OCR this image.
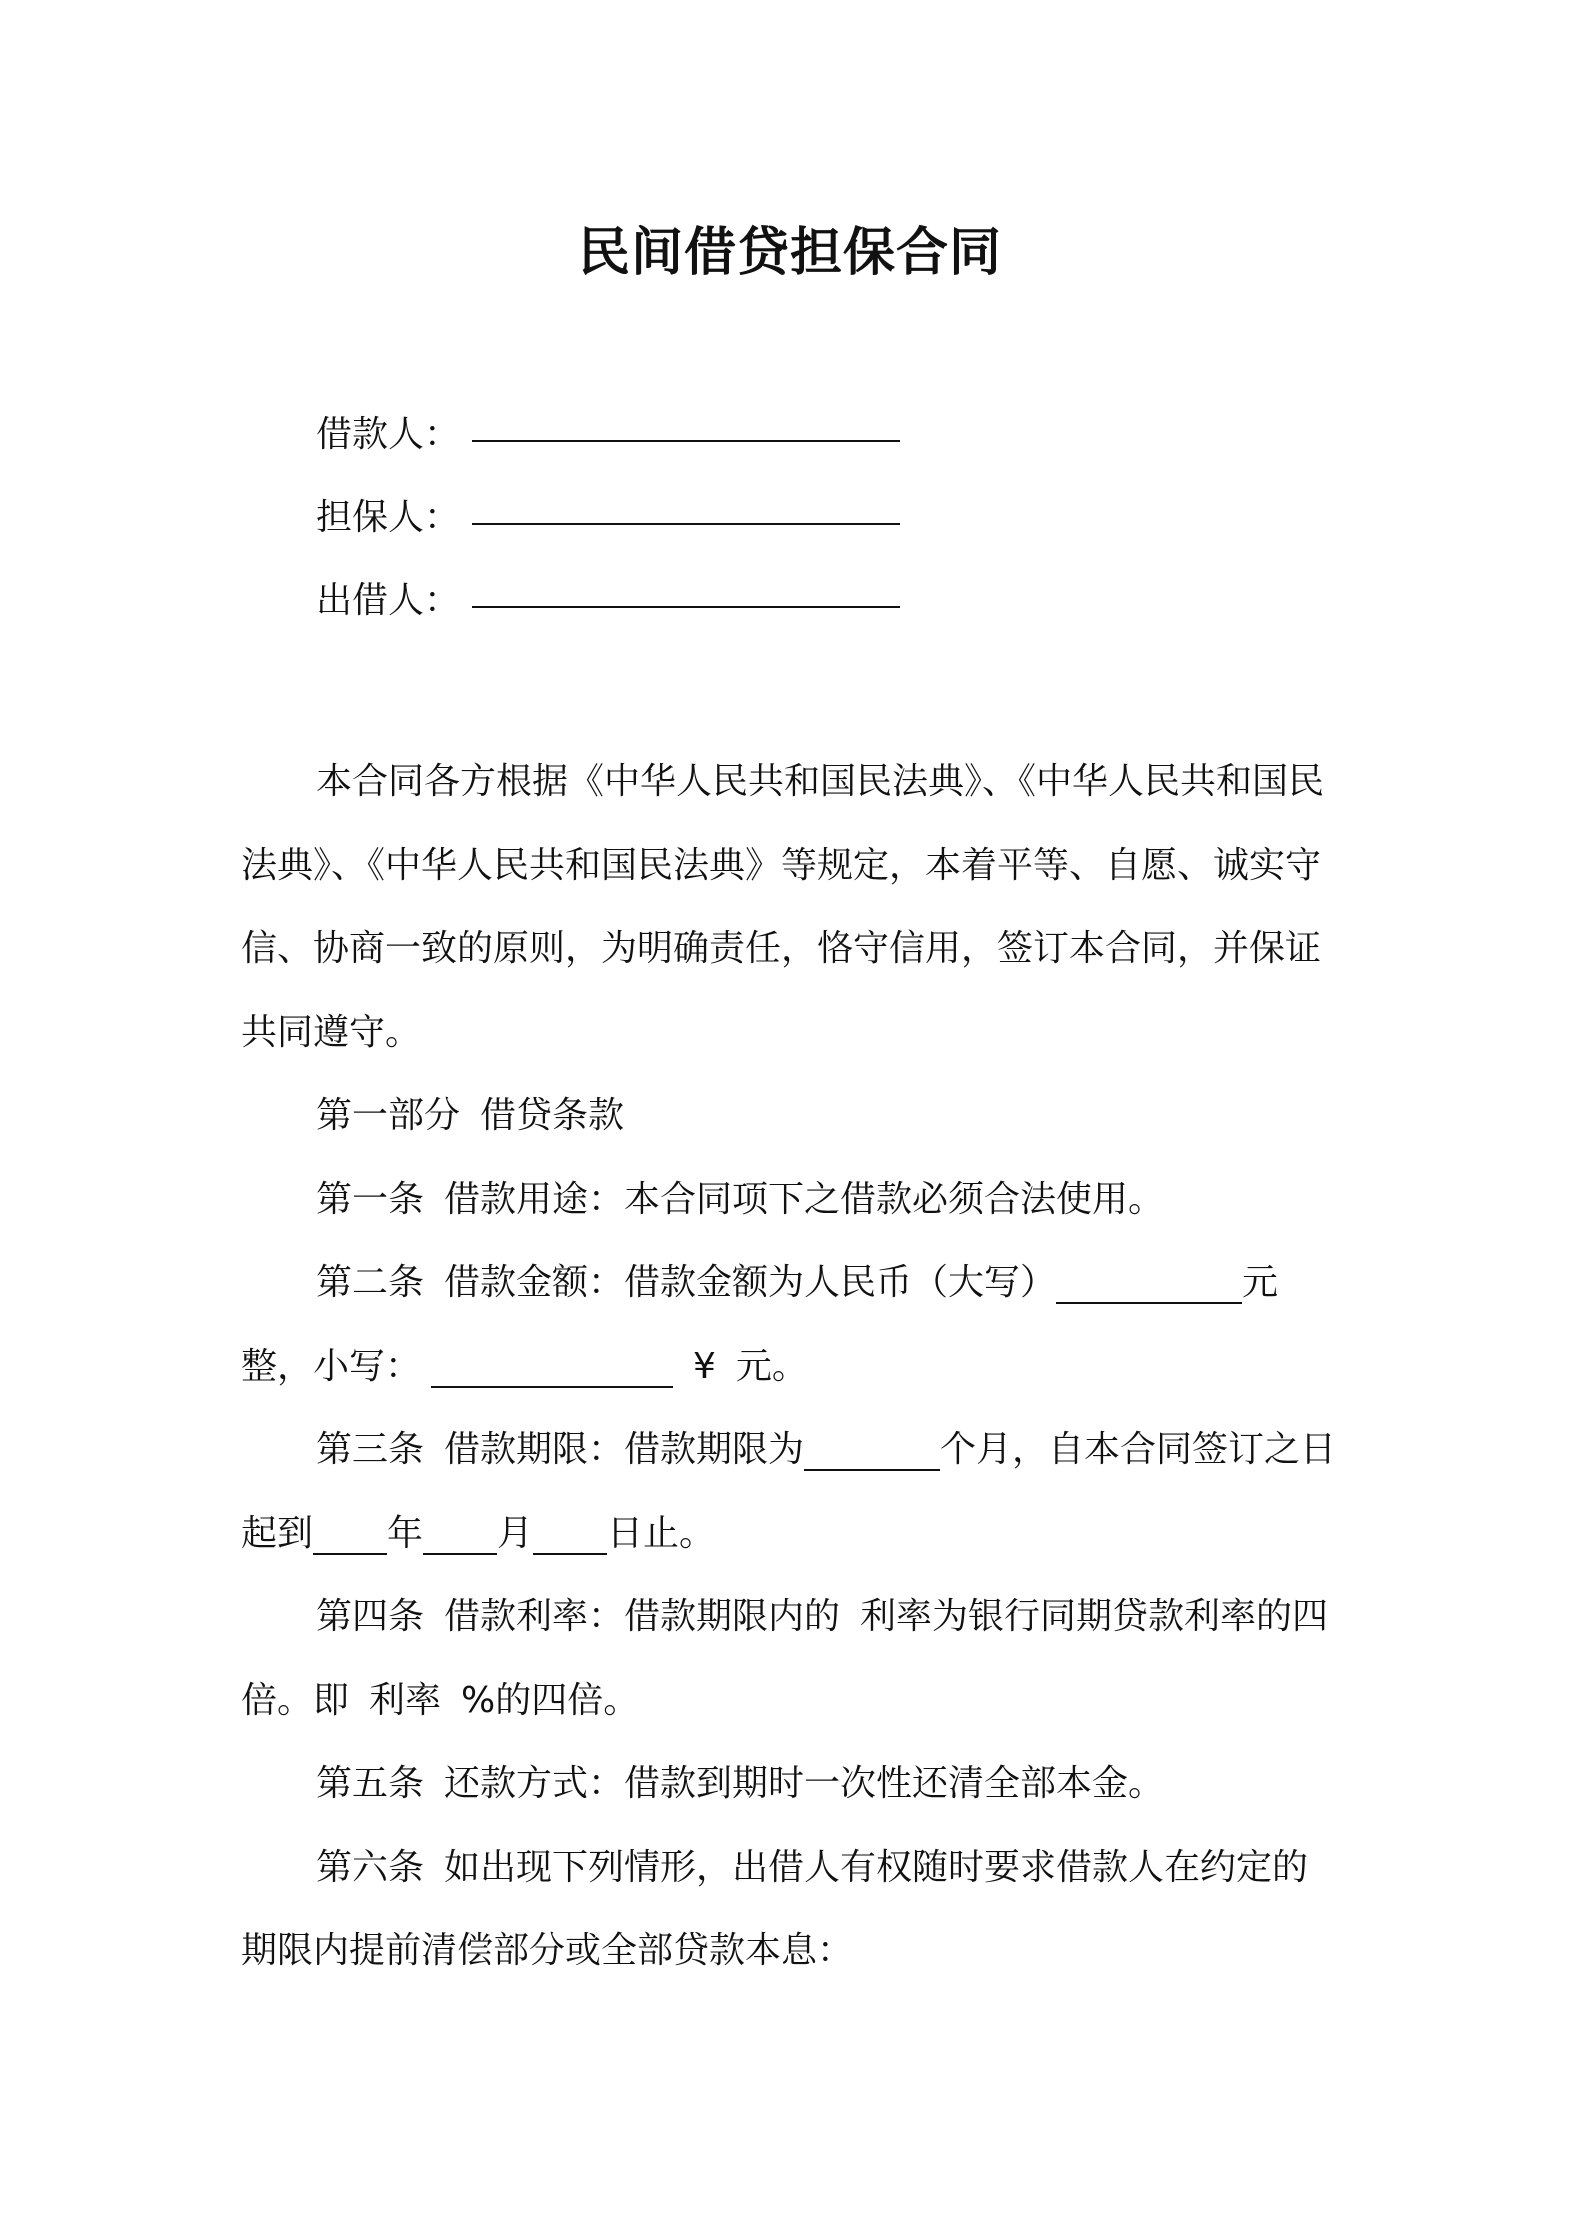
民间借贷担保合同
借款人：
担保人：
出借人：

本合同各方根据《中华人民共和国民法典》、《中华人民共和国民法典》、《中华人民共和国民法典》等规定，本着平等、自愿、诚实守信、协商一致的原则，为明确责任，恪守信用，签订本合同，并保证共同遵守。

第一部分 借贷条款

第一条 借款用途：本合同项下之借款必须合法使用。

第二条 借款金额：借款金额为人民币（大写）	元整，小写：	¥ 元。

第三条 借款期限：借款期限为	个月，自本合同签订之日起到 年 月 日止。

第四条 借款利率：借款期限内的 利率为银行同期贷款利率的四倍。即 利率 %的四倍。

第五条 还款方式：借款到期时一次性还清全部本金。

第六条 如出现下列情形，出借人有权随时要求借款人在约定的期限内提前清偿部分或全部贷款本息：
